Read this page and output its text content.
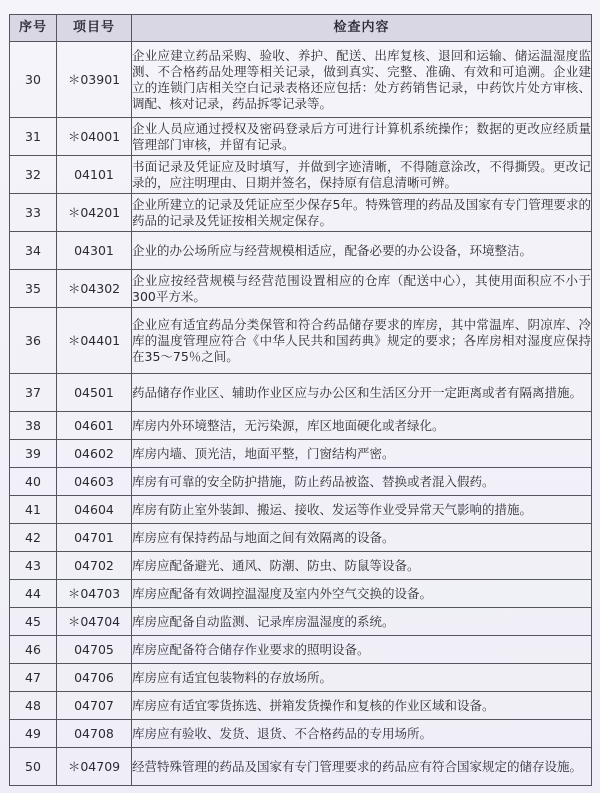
序号	项目号	检查内容
30	＊03901	企业应建立药品采购、验收、养护、配送、出库复核、退回和运输、储运温湿度监测、不合格药品处理等相关记录，做到真实、完整、准确、有效和可追溯。企业建立的连锁门店相关空白记录表格还应包括：处方药销售记录，中药饮片处方审核、调配、核对记录，药品拆零记录等。
31	＊04001	企业人员应通过授权及密码登录后方可进行计算机系统操作；数据的更改应经质量管理部门审核，并留有记录。
32	04101	书面记录及凭证应及时填写，并做到字迹清晰，不得随意涂改，不得撕毁。更改记录的，应注明理由、日期并签名，保持原有信息清晰可辨。
33	＊04201	企业所建立的记录及凭证应至少保存5年。特殊管理的药品及国家有专门管理要求的药品的记录及凭证按相关规定保存。
34	04301	企业的办公场所应与经营规模相适应，配备必要的办公设备，环境整洁。
35	＊04302	企业应按经营规模与经营范围设置相应的仓库（配送中心），其使用面积应不小于300平方米。
36	＊04401	企业应有适宜药品分类保管和符合药品储存要求的库房，其中常温库、阴凉库、冷库的温度管理应符合《中华人民共和国药典》规定的要求；各库房相对湿度应保持在35～75％之间。
37	04501	药品储存作业区、辅助作业区应与办公区和生活区分开一定距离或者有隔离措施。
38	04601	库房内外环境整洁，无污染源，库区地面硬化或者绿化。
39	04602	库房内墙、顶光洁，地面平整，门窗结构严密。
40	04603	库房有可靠的安全防护措施，防止药品被盗、替换或者混入假药。
41	04604	库房有防止室外装卸、搬运、接收、发运等作业受异常天气影响的措施。
42	04701	库房应有保持药品与地面之间有效隔离的设备。
43	04702	库房应配备避光、通风、防潮、防虫、防鼠等设备。
44	＊04703	库房应配备有效调控温湿度及室内外空气交换的设备。
45	＊04704	库房应配备自动监测、记录库房温湿度的系统。
46	04705	库房应配备符合储存作业要求的照明设备。
47	04706	库房应有适宜包装物料的存放场所。
48	04707	库房应有适宜零货拣选、拼箱发货操作和复核的作业区域和设备。
49	04708	库房应有验收、发货、退货、不合格药品的专用场所。
50	＊04709	经营特殊管理的药品及国家有专门管理要求的药品应有符合国家规定的储存设施。
